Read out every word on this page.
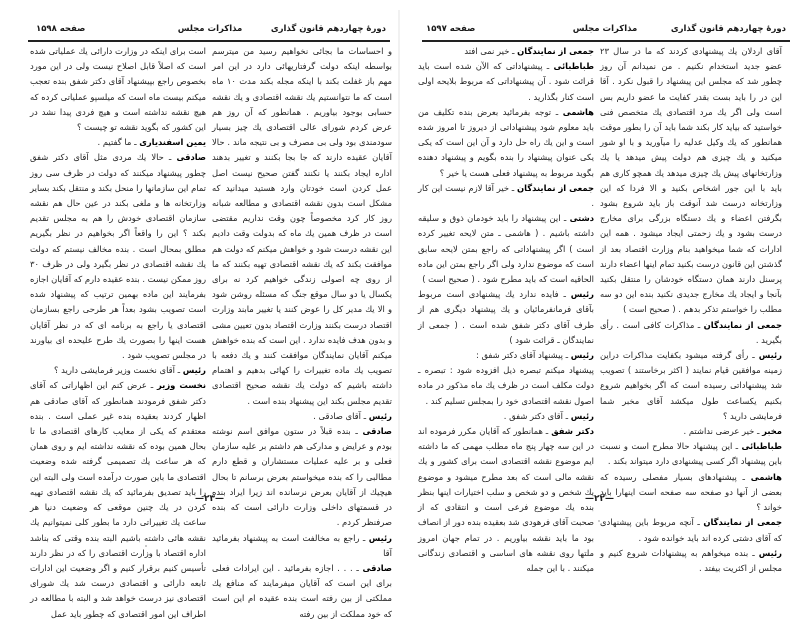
دورهٔ چهاردهم قانون گذاری
مذاکرات مجلس
صفحه ۱۵۹۸

و احساسات ما بجائی نخواهیم رسید من میترسم بواسطه اینکه دولت گرفتاریهائی دارد در این امر مهم باز غفلت بکند با اینکه مجله بکند مدت ۱۰ ماه است که ما نتوانستیم یك نقشه اقتصادی و یك نقشه حسابی بوجود بیاوریم . همانطور که آن روز هم عرض کردم شورای عالی اقتصادی یك چیز بسیار سودمندی بود ولی بی مصرف و بی نتیجه ماند . حالا آقایان عقیده دارند که جا بجا بکنند و تغییر بدهند اداره ایجاد بکنند یا نکنند گفتن صحیح نیست اصل عمل کردن است خودتان وارد هستید میدانید که مشکل است بدون نقشه اقتصادی و مطالعه شبانه روز کار کرد مخصوصاً چون وقت نداریم مقتضی است در ظرف همین یك ماه که بدولت وقت دادیم این نقشه درست شود و خواهش میکنم که دولت هم موافقت بکند که یك نقشه اقتصادی تهیه بکنند که ما از روی چه اصولی زندگی خواهیم کرد نه برای یکسال یا دو سال موقع جنگ که مسئله روشن شود و الا یك مدیر کل را عوض کنند یا تغییر مابند وزارت اقتصاد درست بکنند وزارت اقتصاد بدون تعیین مشی و بدون هدف فایده ندارد . این است که بنده خواهش میکنم آقایان نمایندگان موافقت کنند و یك دفعه با تصویب یك ماده تغییرات را کهائی بدهیم و اهتمام داشته باشیم که دولت یك نقشه صحیح اقتصادی تقدیم مجلس بکند این پیشنهاد بنده است .

رئیس ـ آقای صادقی .

صادقی ـ بنده قبلاً در ستون موافق اسم نوشته بودم و عرایض و مدارکی هم داشتم بر علیه سازمان فعلی و بر علیه عملیات مستشاران و قطع دارم مطالبی را که بنده میخواستم بعرض برسانم تا بحال هیچیك از آقایان بعرض نرسانده اند زیرا ایراد بنده در قسمتهای داخلی وزارت دارائی است که بنده صرفنظر کردم .

رئیس ـ راجع به مخالفت است به پیشنهاد بفرمائید آقا

صادقی ـ . . . اجازه بفرمائید . این ایرادات فعلی برای این است که آقایان میفرمایند که منافع یك مملکتی از بین رفته است بنده عقیده ام این است که خود مملکت از بین رفته

است برای اینکه در وزارت دارائی یك عملیاتی شده است که اصلاً قابل اصلاح نیست ولی در این مورد بخصوص راجع بپیشنهاد آقای دکتر شفق بنده تعجب میکنم بیست ماه است که میلسپو عملیاتی کرده که هیچ نقشه نداشته است و هیچ فردی پیدا نشد در این کشور که بگوید نقشه تو چیست ؟

یمین اسفندیاری ـ ما گفتیم .

صادقی ـ حالا یك مردی مثل آقای دکتر شفق چطور پیشنهاد میکنند که دولت در ظرف سی روز تمام این سازمانها را منحل بکند و منتقل بکند بسایر وزارتخانه ها و ملغی بکند در عین حال هم نقشه سازمان اقتصادی خودش را هم به مجلس تقدیم بکند ؟ این را واقعاً اگر بخواهیم در نظر بگیریم مطلق بمحال است . بنده مخالف نیستم که دولت یك نقشه اقتصادی در نظر بگیرد ولی در ظرف ۳۰ روز ممکن نیست . بنده عقیده دارم که آقایان اجازه بفرمایند این ماده بهمین ترتیب که پیشنهاد شده است تصویب بشود بعداً هر طرحی راجع بسازمان اقتصادی یا راجع به برنامه ای که در نظر آقایان هست اینها را بصورت یك طرح علیحده ای بیاورند در مجلس تصویب شود .

رئیس ـ آقای نخست وزیر فرمایشی دارید ؟

نخست وزیر ـ عرض کنم این اظهاراتی که آقای دکتر شفق فرمودند همانطور که آقای صادقی هم اظهار کردند بعقیده بنده غیر عملی است . بنده معتقدم که یکی از معایب کارهای اقتصادی ما تا بحال همین بوده که نقشه نداشته ایم و روی همان که هر ساعت یك تصمیمی گرفته شده وضعیت اقتصادی ما باین صورت درآمده است ولی البته این را باید تصدیق بفرمائید که یك نقشه اقتصادی تهیه کردن در یك چنین موقعی که وضعیت دنیا هر ساعت یك تغییراتی دارد ما بطور کلی نمیتوانیم یك نقشه هائی داشته باشیم البته بنده وقتی که بناشد اداره اقتصاد با وزارت اقتصادی را که در نظر دارند تأسیس کنیم برقرار کنیم و اگر وضعیت این ادارات تابعه دارائی و اقتصادی درست شد یك شورای اقتصادی نیز درست خواهد شد و البته با مطالعه در اطراف این امور اقتصادی که چطور باید عمل

—۲۳—
دورهٔ چهاردهم قانون گذاری
مذاکرات مجلس
صفحه ۱۵۹۷

آقای اردلان یك پیشنهادی کردند که ما در سال ۲۳ عضو جدید استخدام نکنیم . من نمیدانم آن روز چطور شد که مجلس این پیشنهاد را قبول نکرد . آقا این در را باید بست بقدر کفایت ما عضو داریم بس است ولی اگر یك مرد اقتصادی یك متخصص فنی خواستید که بیاید کار بکند شما باید آن را بطور موقت همانطور که یك وکیل عدلیه را میآورید و با او شور میکنید و یك چیزی هم دولت پیش میدهد یا یك وزارتخانهای پیش یك چیزی میدهد یك همچو کاری هم باید با این جور اشخاص بکنید و الا فردا که این وزارتخانه درست شد آنوقت باز باید شروع بشود بگرفتن اعضاء و یك دستگاه بزرگی برای مخارج درست بشود و یك زحمتی ایجاد میشود . همه این ادارات که شما میخواهید بنام وزارت اقتصاد بعد از گذشتن این قانون درست بکنید تمام اینها اعضاء دارند پرسنل دارند همان دستگاه خودشان را منتقل بکنید بآنجا و ایجاد یك مخارج جدیدی نکنید بنده این دو سه مطلب را خواستم تذکر بدهم . ( صحیح است )

جمعی از نمایندگان ـ مذاکرات کافی است . رأی بگیرید .

رئیس ـ رأی گرفته میشود بکفایت مذاکرات دراین زمینه موافقین قیام نمایند ( اکثر برخاستند ) تصویب شد پیشنهاداتی رسیده است که اگر بخواهیم شروع بکنیم یکساعت طول میکشد آقای مخبر شما فرمایشی دارید ؟

مخبر ـ خیر عرضی نداشتم .

طباطبائی ـ این پیشنهاد حالا مطرح است و نسبت باین پیشنهاد اگر کسی پیشنهادی دارد میتواند بکند .

هاشمی ـ پیشنهادهای بسیار مفصلی رسیده که بعضی از آنها دو صفحه سه صفحه است اینهارا باید خواند ؟

جمعی از نمایندگان ـ آنچه مربوط باین پیشنهادی که آقای دشتی کرده اند باید خوانده شود .

رئیس ـ بنده میخواهم به پیشنهادات شروع کنیم و مجلس از اکثریت بیفتد .

جمعی از نمایندگان ـ خیر نمی افتد

طباطبائی ـ پیشنهاداتی که الآن شده است باید قرائت شود . آن پیشنهاداتی که مربوط بلایحه اولی است کنار بگذارید .

هاشمی ـ توجه بفرمائید بعرض بنده تکلیف من باید معلوم شود پیشنهاداتی از دیروز تا امروز شده است و این یك راه حل دارد و آن این است که یکی یکی عنوان پیشنهاد را بنده بگویم و پیشنهاد دهنده بگوید مربوط به پیشنهاد فعلی هست یا خیر ؟

جمعی از نمایندگان ـ خیر آقا لازم نیست این کار .

دشتی ـ این پیشنهاد را باید خودمان ذوق و سلیقه داشته باشیم . ( هاشمی ـ متن لایحه تغییر کرده است ) اگر پیشنهاداتی که راجع بمتن لایحه سابق است که موضوع ندارد ولی اگر راجع بمتن این ماده الحاقیه است که باید مطرح شود . ( صحیح است )

رئیس ـ فایده ندارد یك پیشنهادی است مربوط بآقای فرمانفرمائیان و یك پیشنهاد دیگری هم از طرف آقای دکتر شفق شده است . ( جمعی از نمایندگان ـ قرائت شود )

رئیس ـ پیشنهاد آقای دکتر شفق :

پیشنهاد میکنم تبصره ذیل افزوده شود : تبصره ـ دولت مکلف است در ظرف یك ماه مذکور در ماده اصول نقشه اقتصادی خود را بمجلس تسلیم کند .

رئیس ـ آقای دکتر شفق .

دکتر شفق ـ همانطور که آقایان مکرر فرموده اند در این سه چهار پنج ماه مطلب مهمی که ما داشته ایم موضوع نقشه اقتصادی است برای کشور و یك نقشه مالی است که بعد مطرح میشود و موضوع یك شخص و دو شخص و سلب اختیارات اینها بنظر بنده یك موضوع فرعی است و انتقادی که از صحبت آقای فرهودی شد بعقیده بنده دور از انصاف بود ما باید نقشه بیاوریم . در تمام جهان امروز ملتها روی نقشه های اساسی و اقتصادی زندگانی میکنند . با این جمله

—۲۲—
